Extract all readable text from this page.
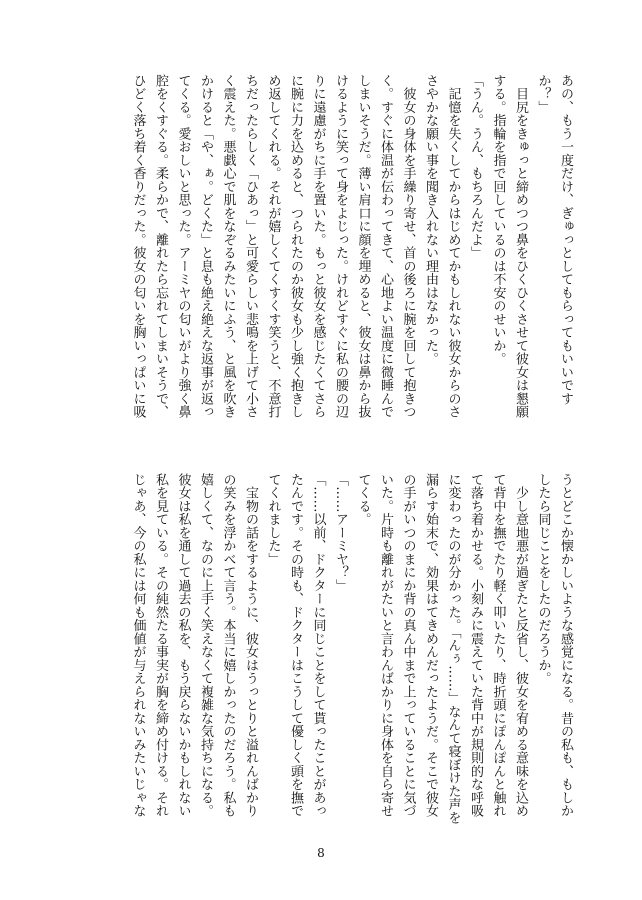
あの、もう一度だけ、ぎゅっとしてもらってもいいです

か？」

　目尻をきゅっと締めつつ鼻をひくひくさせて彼女は懇願

する。指輪を指で回しているのは不安のせいか。

「うん。うん、もちろんだよ」

　記憶を失くしてからはじめてかもしれない彼女からのさ

さやかな願い事を聞き入れない理由はなかった。

　彼女の身体を手繰り寄せ、首の後ろに腕を回して抱きつ

く。すぐに体温が伝わってきて、心地よい温度に微睡んで

しまいそうだ。薄い肩口に顔を埋めると、彼女は鼻から抜

けるように笑って身をよじった。けれどすぐに私の腰の辺

りに遠慮がちに手を置いた。もっと彼女を感じたくてさら

に腕に力を込めると、つられたのか彼女も少し強く抱きし

め返してくれる。それが嬉しくてくすくす笑うと、不意打

ちだったらしく「ひあっ」と可愛らしい悲鳴を上げて小さ

く震えた。悪戯心で肌をなぞるみたいにふう、と風を吹き

かけると「や、ぁ。どくた」と息も絶え絶えな返事が返っ

てくる。愛おしいと思った。アーミヤの匂いがより強く鼻

腔をくすぐる。柔らかで、離れたら忘れてしまいそうで、

ひどく落ち着く香りだった。彼女の匂いを胸いっぱいに吸

うとどこか懐かしいような感覚になる。昔の私も、もしか

したら同じことをしたのだろうか。

　少し意地悪が過ぎたと反省し、彼女を宥める意味を込め

て背中を撫でたり軽く叩いたり、時折頭にぽんぽんと触れ

て落ち着かせる。小刻みに震えていた背中が規則的な呼吸

に変わったのが分かった。「んぅ……」なんて寝ぼけた声を

漏らす始末で、効果はてきめんだったようだ。そこで彼女

の手がいつのまにか背の真ん中まで上っていることに気づ

いた。片時も離れがたいと言わんばかりに身体を自ら寄せ

てくる。

「……アーミヤ？」

「……以前、ドクターに同じことをして貰ったことがあっ

たんです。その時も、ドクターはこうして優しく頭を撫で

てくれました」

　宝物の話をするように、彼女はうっとりと溢れんばかり

の笑みを浮かべて言う。本当に嬉しかったのだろう。私も

嬉しくて、なのに上手く笑えなくて複雑な気持ちになる。

彼女は私を通して過去の私を、もう戻らないかもしれない

私を見ている。その純然たる事実が胸を締め付ける。それ

じゃあ、今の私には何も価値が与えられないみたいじゃな

8
